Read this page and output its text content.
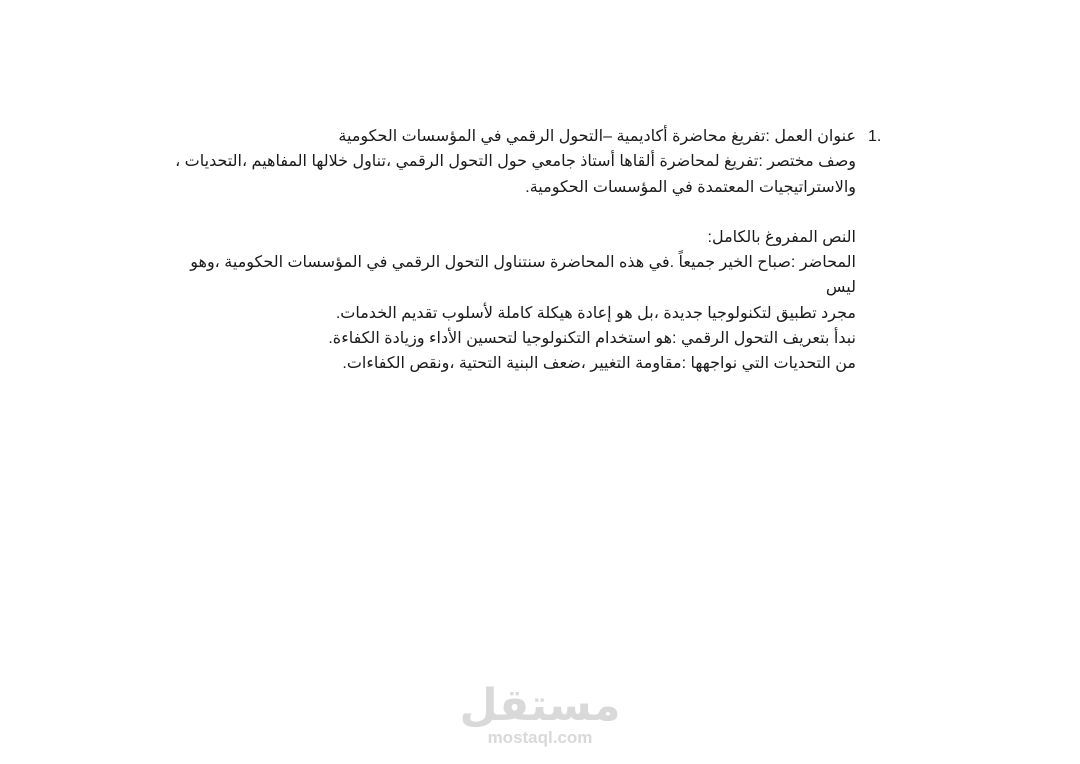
1.

عنوان العمل :تفريغ محاضرة أكاديمية –التحول الرقمي في المؤسسات الحكومية

وصف مختصر :تفريغ لمحاضرة ألقاها أستاذ جامعي حول التحول الرقمي ،تناول خلالها المفاهيم ،التحديات ،

والاستراتيجيات المعتمدة في المؤسسات الحكومية.

النص المفروغ بالكامل:

المحاضر :صباح الخير جميعاً .في هذه المحاضرة سنتناول التحول الرقمي في المؤسسات الحكومية ،وهو ليس

مجرد تطبيق لتكنولوجيا جديدة ،بل هو إعادة هيكلة كاملة لأسلوب تقديم الخدمات.

نبدأ بتعريف التحول الرقمي :هو استخدام التكنولوجيا لتحسين الأداء وزيادة الكفاءة.

من التحديات التي نواجهها :مقاومة التغيير ،ضعف البنية التحتية ،ونقص الكفاءات.

مستقل
mostaql.com
